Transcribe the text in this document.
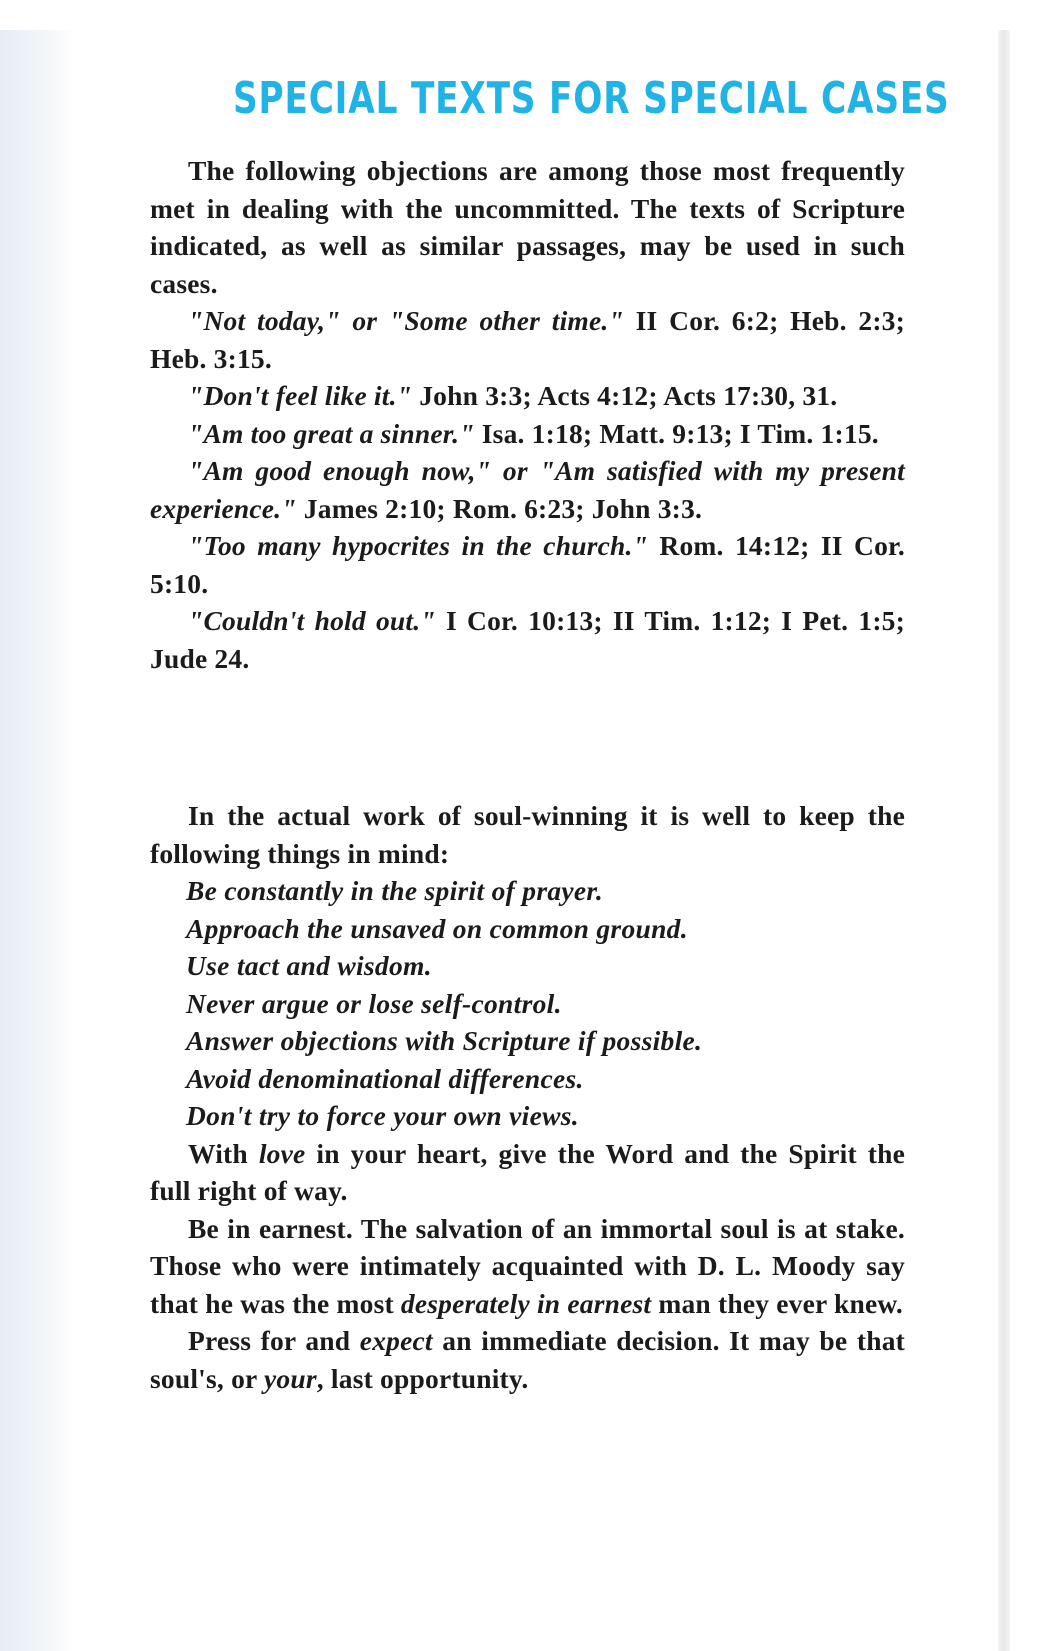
SPECIAL TEXTS FOR SPECIAL CASES

The following objections are among those most frequently met in dealing with the uncommitted. The texts of Scripture indicated, as well as similar passages, may be used in such cases.

"Not today," or "Some other time." II Cor. 6:2; Heb. 2:3; Heb. 3:15.

"Don't feel like it." John 3:3; Acts 4:12; Acts 17:30, 31.

"Am too great a sinner." Isa. 1:18; Matt. 9:13; I Tim. 1:15.

"Am good enough now," or "Am satisfied with my present experience." James 2:10; Rom. 6:23; John 3:3.

"Too many hypocrites in the church." Rom. 14:12; II Cor. 5:10.

"Couldn't hold out." I Cor. 10:13; II Tim. 1:12; I Pet. 1:5; Jude 24.

In the actual work of soul-winning it is well to keep the following things in mind:

Be constantly in the spirit of prayer.

Approach the unsaved on common ground.

Use tact and wisdom.

Never argue or lose self-control.

Answer objections with Scripture if possible.

Avoid denominational differences.

Don't try to force your own views.

With love in your heart, give the Word and the Spirit the full right of way.

Be in earnest. The salvation of an immortal soul is at stake. Those who were intimately acquainted with D. L. Moody say that he was the most desperately in earnest man they ever knew.

Press for and expect an immediate decision. It may be that soul's, or your, last opportunity.
